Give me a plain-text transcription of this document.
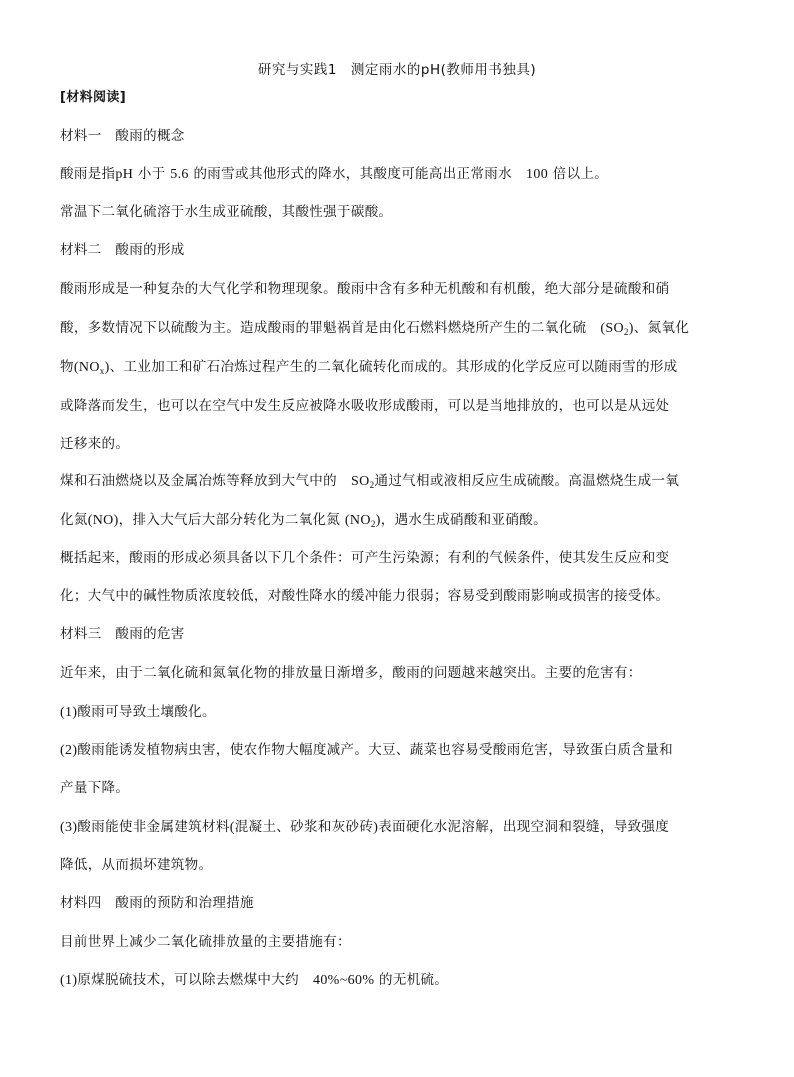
研究与实践1　测定雨水的pH(教师用书独具)
[材料阅读]
材料一　酸雨的概念
酸雨是指pH 小于 5.6 的雨雪或其他形式的降水，其酸度可能高出正常雨水 100 倍以上。
常温下二氧化硫溶于水生成亚硫酸，其酸性强于碳酸。
材料二　酸雨的形成
酸雨形成是一种复杂的大气化学和物理现象。酸雨中含有多种无机酸和有机酸，绝大部分是硫酸和硝
酸，多数情况下以硫酸为主。造成酸雨的罪魁祸首是由化石燃料燃烧所产生的二氧化硫 $(SO_2)$、氮氧化
物$(NO_x)$、工业加工和矿石冶炼过程产生的二氧化硫转化而成的。其形成的化学反应可以随雨雪的形成
或降落而发生，也可以在空气中发生反应被降水吸收形成酸雨，可以是当地排放的，也可以是从远处
迁移来的。
煤和石油燃烧以及金属冶炼等释放到大气中的 $SO_2$通过气相或液相反应生成硫酸。高温燃烧生成一氧
化氮(NO)，排入大气后大部分转化为二氧化氮 $(NO_2)$，遇水生成硝酸和亚硝酸。
概括起来，酸雨的形成必须具备以下几个条件：可产生污染源；有利的气候条件，使其发生反应和变
化；大气中的碱性物质浓度较低，对酸性降水的缓冲能力很弱；容易受到酸雨影响或损害的接受体。
材料三　酸雨的危害
近年来，由于二氧化硫和氮氧化物的排放量日渐增多，酸雨的问题越来越突出。主要的危害有：
(1)酸雨可导致土壤酸化。
(2)酸雨能诱发植物病虫害，使农作物大幅度减产。大豆、蔬菜也容易受酸雨危害，导致蛋白质含量和
产量下降。
(3)酸雨能使非金属建筑材料(混凝土、砂浆和灰砂砖)表面硬化水泥溶解，出现空洞和裂缝，导致强度
降低，从而损坏建筑物。
材料四　酸雨的预防和治理措施
目前世界上减少二氧化硫排放量的主要措施有：
(1)原煤脱硫技术，可以除去燃煤中大约 40%~60% 的无机硫。
